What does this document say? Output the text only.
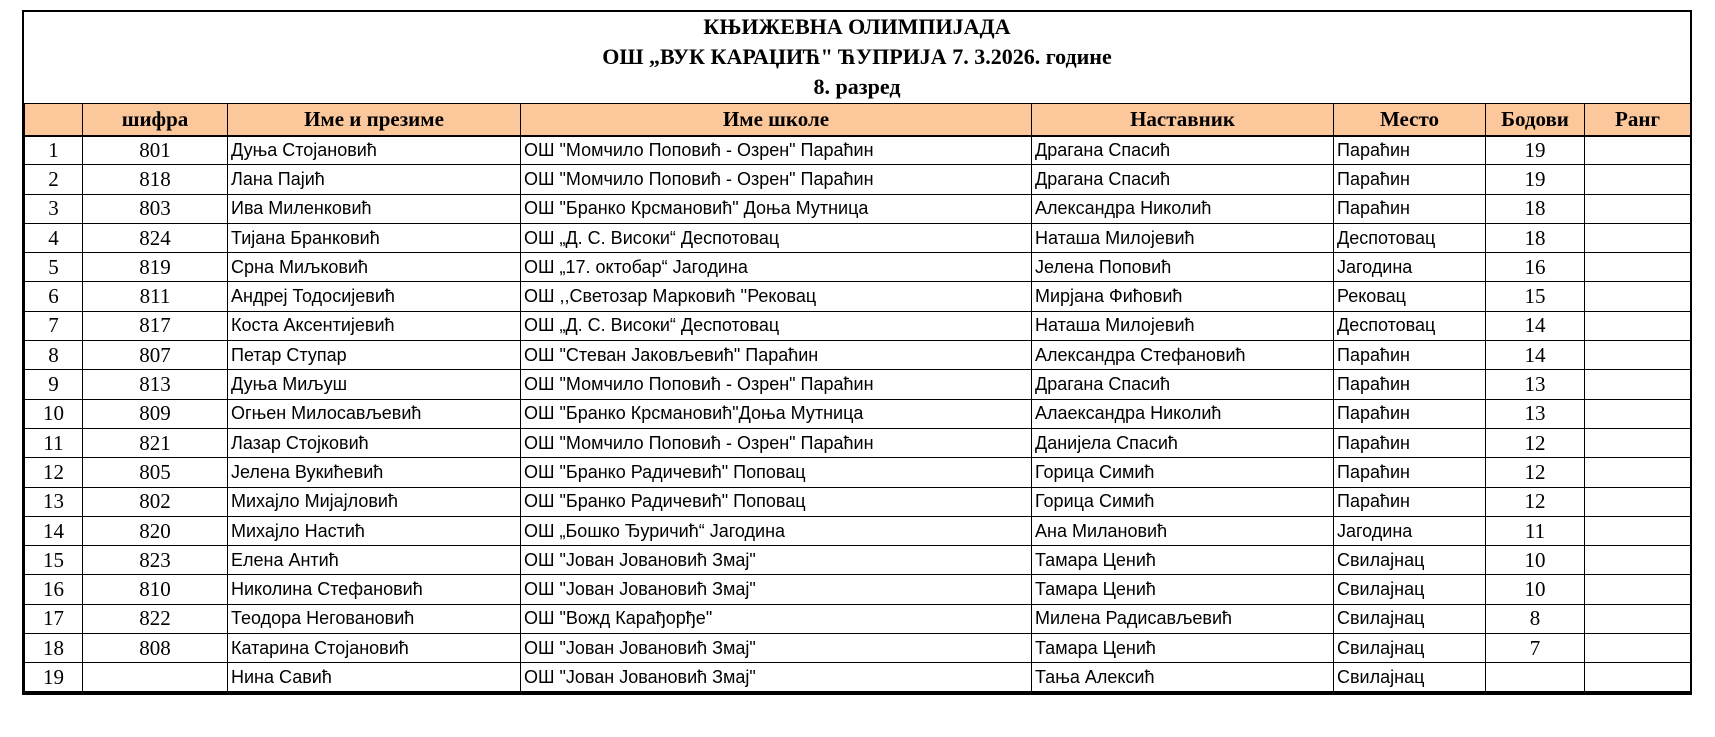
КЊИЖЕВНА ОЛИМПИЈАДА
ОШ „ВУК КАРАЏИЋ" ЋУПРИЈА 7. 3.2026. године
8. разред
	шифра	Име и презиме	Име школе	Наставник	Место	Бодови	Ранг
1	801	Дуња Стојановић	ОШ "Момчило Поповић - Озрен" Параћин	Драгана Спасић	Параћин	19	
2	818	Лана Пајић	ОШ "Момчило Поповић - Озрен" Параћин	Драгана Спасић	Параћин	19	
3	803	Ива Миленковић	ОШ "Бранко Крсмановић" Доња Мутница	Александра Николић	Параћин	18	
4	824	Тијана Бранковић	ОШ „Д. С. Високи“ Деспотовац	Наташа Милојевић	Деспотовац	18	
5	819	Срна Миљковић	ОШ „17. октобар“ Јагодина	Јелена Поповић	Јагодина	16	
6	811	Андреј Тодосијевић	ОШ ,,Светозар Марковић ''Рековац	Мирјана Фићовић	Рековац	15	
7	817	Коста Аксентијевић	ОШ „Д. С. Високи“ Деспотовац	Наташа Милојевић	Деспотовац	14	
8	807	Петар Ступар	ОШ "Стеван Јаковљевић" Параћин	Александра Стефановић	Параћин	14	
9	813	Дуња Миљуш	ОШ "Момчило Поповић - Озрен" Параћин	Драгана Спасић	Параћин	13	
10	809	Огњен Милосављевић	ОШ "Бранко Крсмановић"Доња Мутница	Алаександра Николић	Параћин	13	
11	821	Лазар Стојковић	ОШ "Момчило Поповић - Озрен" Параћин	Данијела Спасић	Параћин	12	
12	805	Јелена Вукићевић	ОШ "Бранко Радичевић" Поповац	Горица Симић	Параћин	12	
13	802	Михајло Мијајловић	ОШ "Бранко Радичевић" Поповац	Горица Симић	Параћин	12	
14	820	Михајло Настић	ОШ „Бошко Ђуричић“ Јагодина	Ана Милановић	Јагодина	11	
15	823	Елена Антић	ОШ "Јован Јовановић Змај"	Тамара Ценић	Свилајнац	10	
16	810	Николина Стефановић	ОШ "Јован Јовановић Змај"	Тамара Ценић	Свилајнац	10	
17	822	Теодора Негованoвић	ОШ "Вожд Карађорђе"	Милена Радисављевић	Свилајнац	8	
18	808	Катарина Стојановић	ОШ "Јован Јовановић Змај"	Тамара Ценић	Свилајнац	7	
19		Нина Савић	ОШ "Јован Јовановић Змај"	Тања Алексић	Свилајнац		
